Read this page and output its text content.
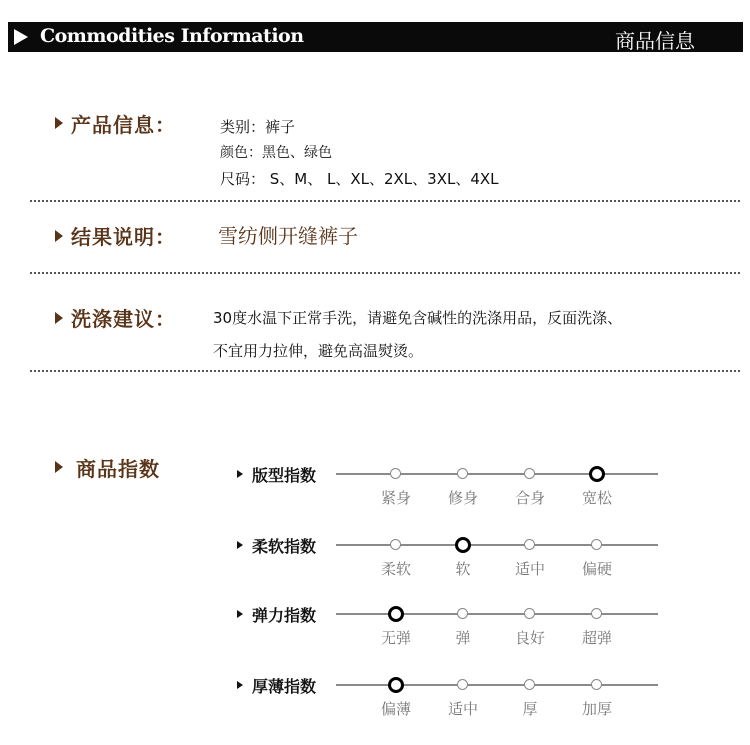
Commodities Information	商品信息
产品信息：	类别：裤子
颜色：黑色、绿色
尺码： S、M、 L、XL、2XL、3XL、4XL
结果说明： 雪纺侧开缝裤子
洗涤建议： 30度水温下正常手洗，请避免含碱性的洗涤用品，反面洗涤、
不宜用力拉伸，避免高温熨烫。
商品指数	版型指数
紧身	修身	合身	宽松
柔软指数
柔软	软	适中	偏硬
弹力指数
无弹	弹	良好	超弹
厚薄指数
偏薄	适中	厚	加厚
